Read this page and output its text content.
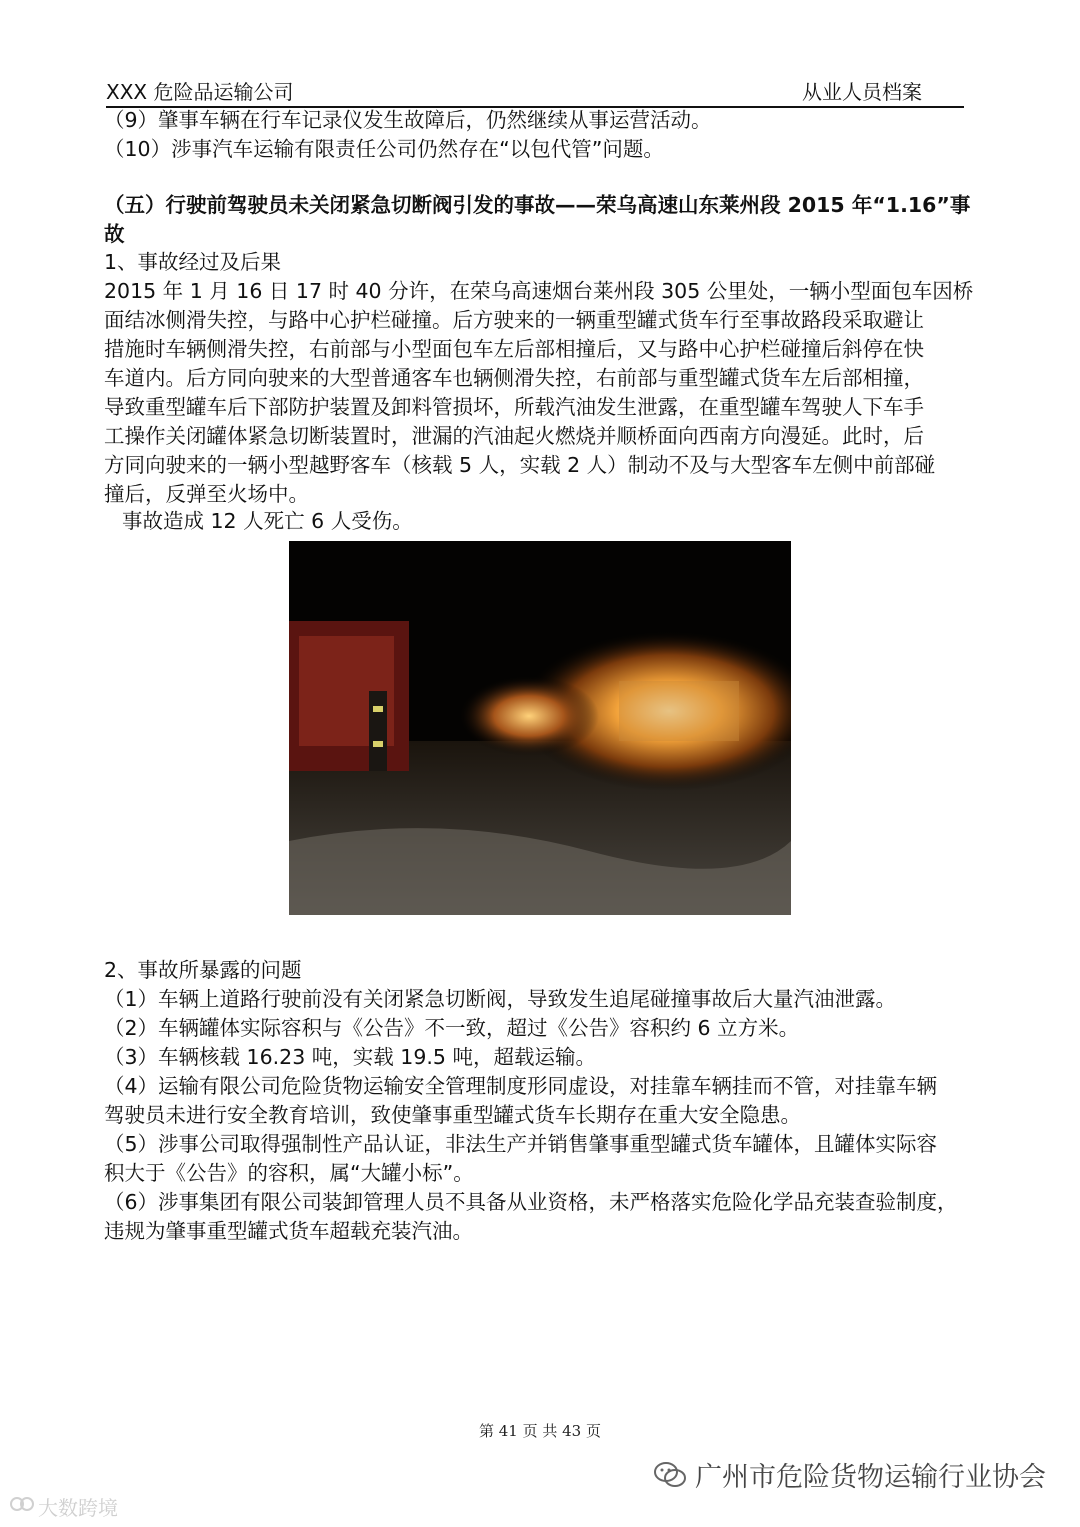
XXX 危险品运输公司	从业人员档案
（9）肇事车辆在行车记录仪发生故障后，仍然继续从事运营活动。
（10）涉事汽车运输有限责任公司仍然存在“以包代管”问题。
（五）行驶前驾驶员未关闭紧急切断阀引发的事故——荣乌高速山东莱州段 2015 年“1.16”事故
1、事故经过及后果
2015 年 1 月 16 日 17 时 40 分许，在荣乌高速烟台莱州段 305 公里处，一辆小型面包车因桥
面结冰侧滑失控，与路中心护栏碰撞。后方驶来的一辆重型罐式货车行至事故路段采取避让
措施时车辆侧滑失控，右前部与小型面包车左后部相撞后，又与路中心护栏碰撞后斜停在快
车道内。后方同向驶来的大型普通客车也辆侧滑失控，右前部与重型罐式货车左后部相撞，
导致重型罐车后下部防护装置及卸料管损坏，所载汽油发生泄露，在重型罐车驾驶人下车手
工操作关闭罐体紧急切断装置时，泄漏的汽油起火燃烧并顺桥面向西南方向漫延。此时，后
方同向驶来的一辆小型越野客车（核载 5 人，实载 2 人）制动不及与大型客车左侧中前部碰
撞后，反弹至火场中。
事故造成 12 人死亡 6 人受伤。
2、事故所暴露的问题
（1）车辆上道路行驶前没有关闭紧急切断阀，导致发生追尾碰撞事故后大量汽油泄露。
（2）车辆罐体实际容积与《公告》不一致，超过《公告》容积约 6 立方米。
（3）车辆核载 16.23 吨，实载 19.5 吨，超载运输。
（4）运输有限公司危险货物运输安全管理制度形同虚设，对挂靠车辆挂而不管，对挂靠车辆
驾驶员未进行安全教育培训，致使肇事重型罐式货车长期存在重大安全隐患。
（5）涉事公司取得强制性产品认证，非法生产并销售肇事重型罐式货车罐体，且罐体实际容
积大于《公告》的容积，属“大罐小标”。
（6）涉事集团有限公司装卸管理人员不具备从业资格，未严格落实危险化学品充装查验制度，
违规为肇事重型罐式货车超载充装汽油。
第 41 页 共 43 页
广州市危险货物运输行业协会
大数跨境
